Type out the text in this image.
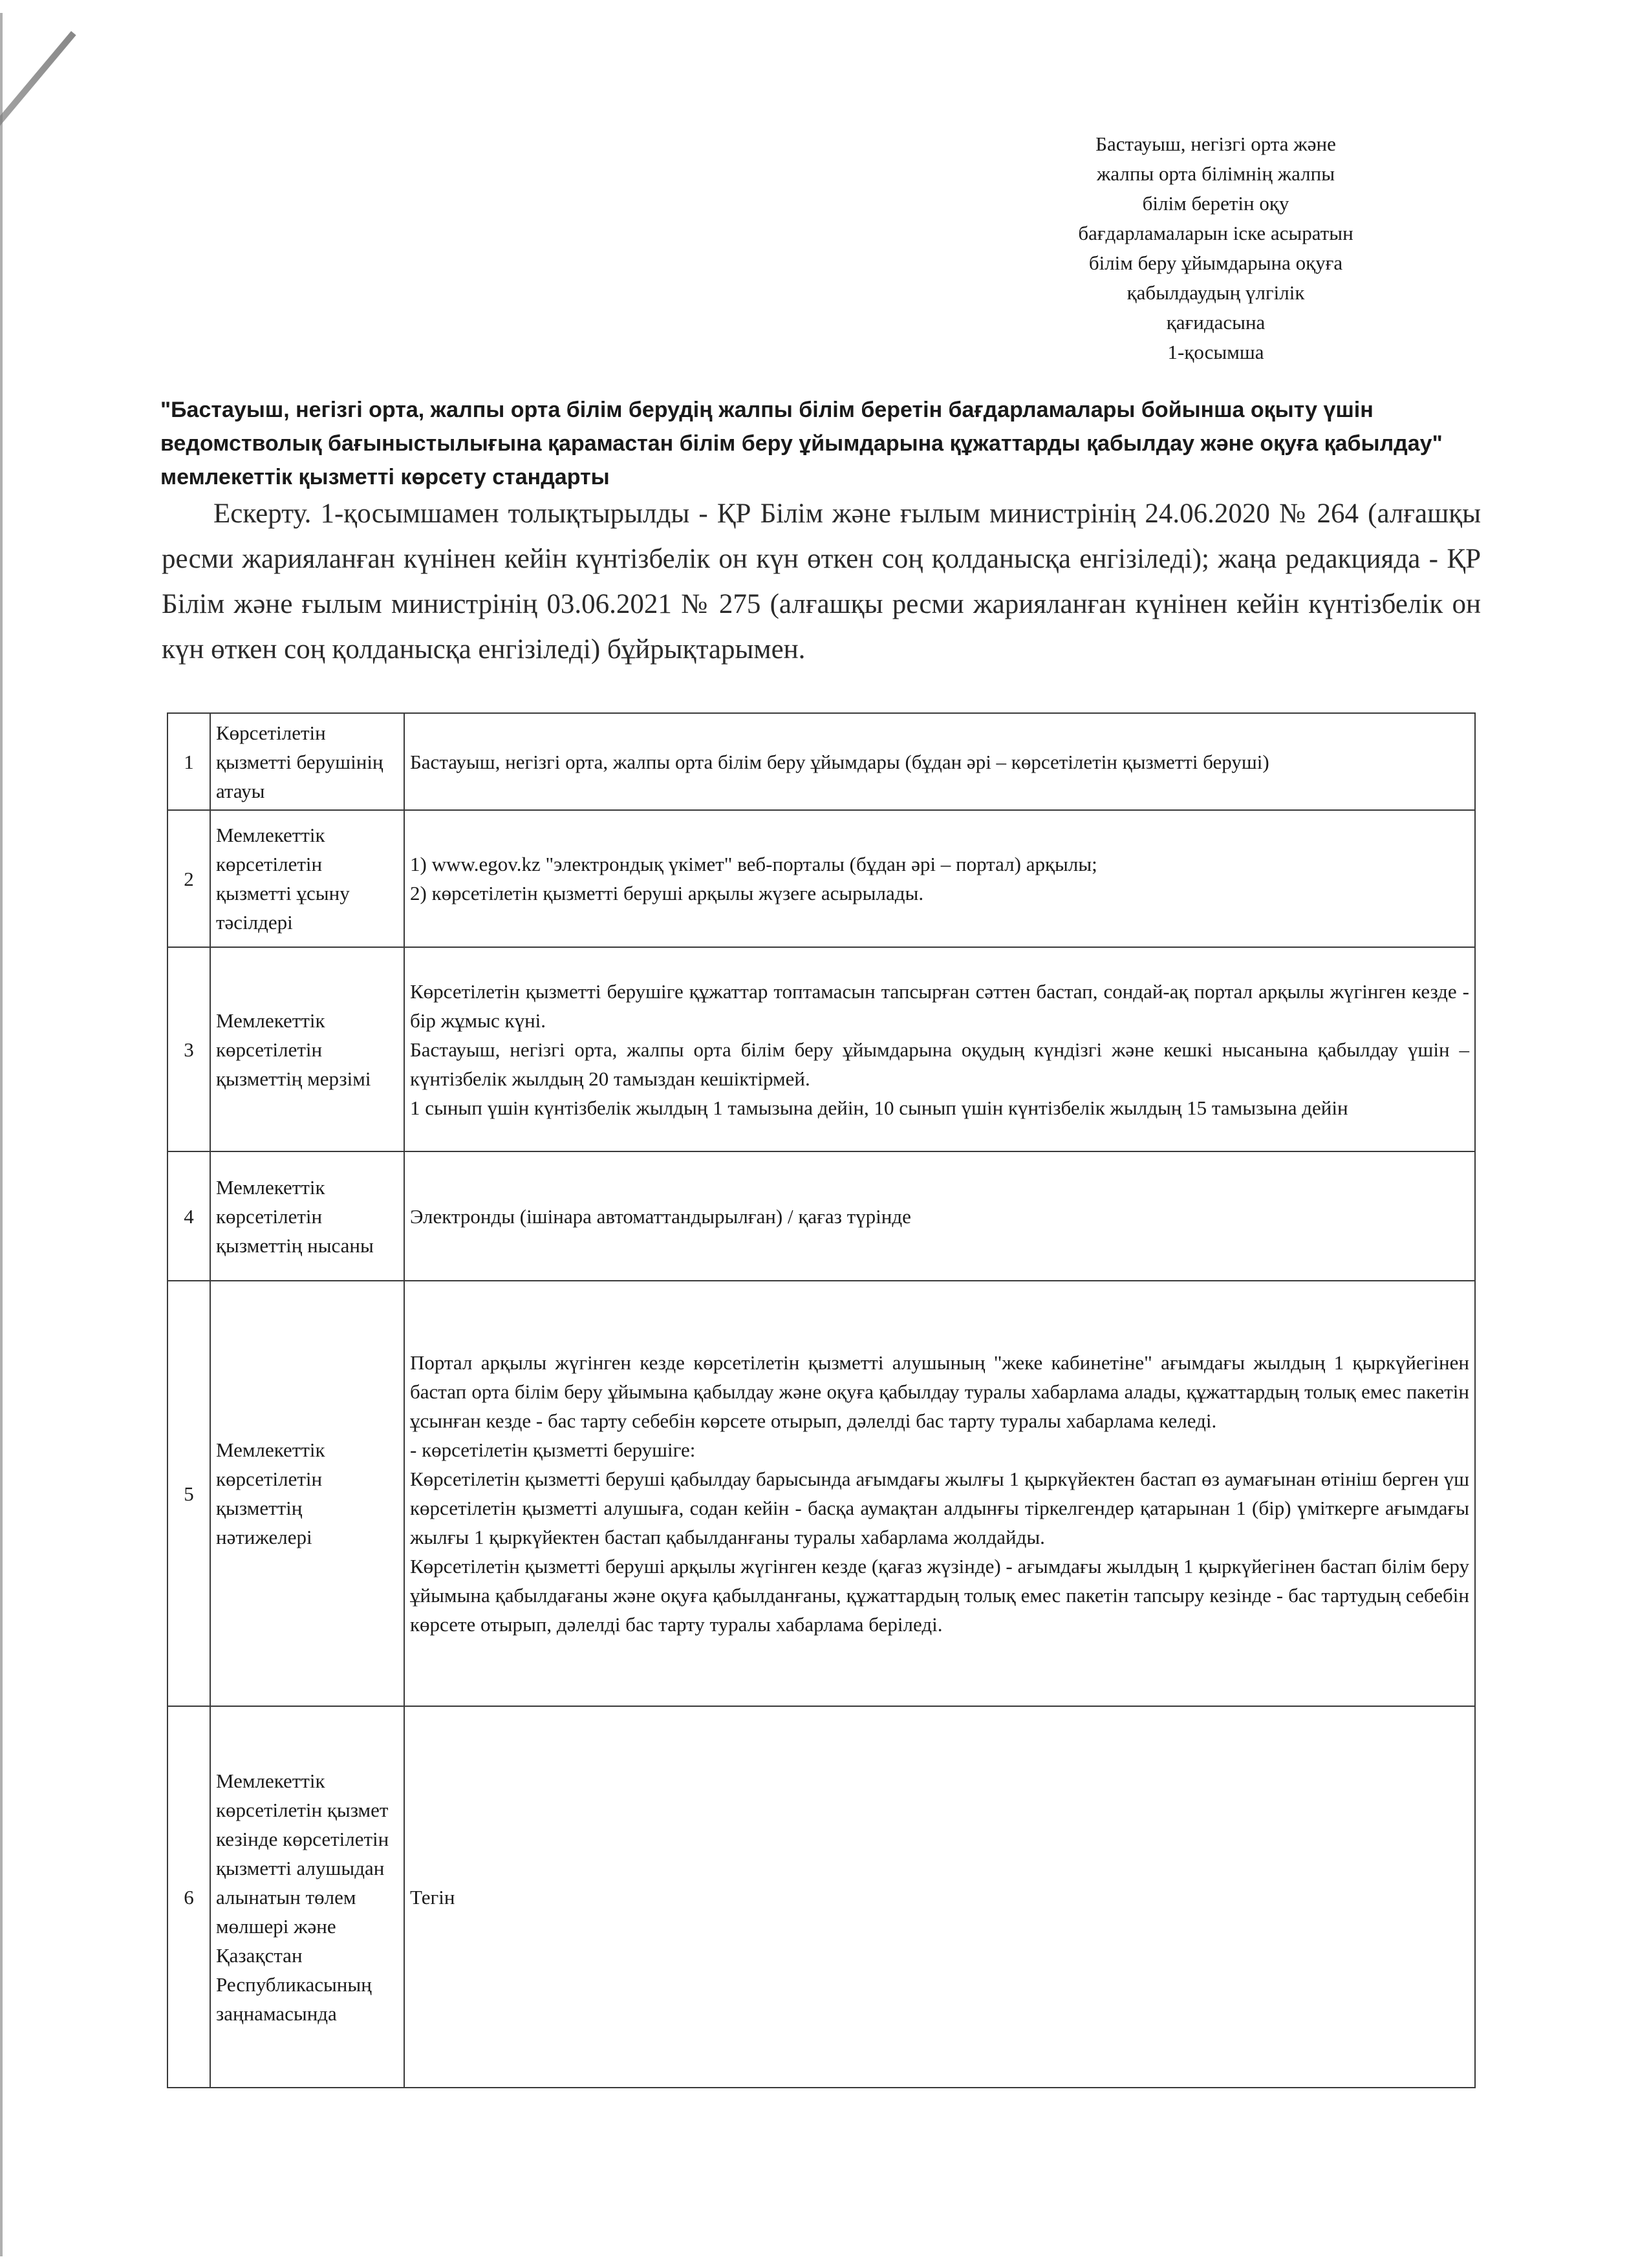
Бастауыш, негізгі орта және
жалпы орта білімнің жалпы
білім беретін оқу
бағдарламаларын іске асыратын
білім беру ұйымдарына оқуға
қабылдаудың үлгілік
қағидасына
1-қосымша
"Бастауыш, негізгі орта, жалпы орта білім берудің жалпы білім беретін бағдарламалары бойынша оқыту үшін ведомстволық бағыныстылығына қарамастан білім беру ұйымдарына құжаттарды қабылдау және оқуға қабылдау" мемлекеттік қызметті көрсету стандарты

Ескерту. 1-қосымшамен толықтырылды - ҚР Білім және ғылым министрінің 24.06.2020 № 264 (алғашқы ресми жарияланған күнінен кейін күнтізбелік он күн өткен соң қолданысқа енгізіледі); жаңа редакцияда - ҚР Білім және ғылым министрінің 03.06.2021 № 275 (алғашқы ресми жарияланған күнінен кейін күнтізбелік он күн өткен соң қолданысқа енгізіледі) бұйрықтарымен.

1	Көрсетілетін қызметті берушінің атауы	Бастауыш, негізгі орта, жалпы орта білім беру ұйымдары (бұдан әрі – көрсетілетін қызметті беруші)

2	Мемлекеттік көрсетілетін қызметті ұсыну тәсілдері	1) www.egov.kz "электрондық үкімет" веб-порталы (бұдан әрі – портал) арқылы;
2) көрсетілетін қызметті беруші арқылы жүзеге асырылады.

3	Мемлекеттік көрсетілетін қызметтің мерзімі	Көрсетілетін қызметті берушіге құжаттар топтамасын тапсырған сәттен бастап, сондай-ақ портал арқылы жүгінген кезде - бір жұмыс күні.
Бастауыш, негізгі орта, жалпы орта білім беру ұйымдарына оқудың күндізгі және кешкі нысанына қабылдау үшін – күнтізбелік жылдың 20 тамыздан кешіктірмей.
1 сынып үшін күнтізбелік жылдың 1 тамызына дейін, 10 сынып үшін күнтізбелік жылдың 15 тамызына дейін

4	Мемлекеттік көрсетілетін қызметтің нысаны	Электронды (ішінара автоматтандырылған) / қағаз түрінде

5	Мемлекеттік көрсетілетін қызметтің нәтижелері	Портал арқылы жүгінген кезде көрсетілетін қызметті алушының "жеке кабинетіне" ағымдағы жылдың 1 қыркүйегінен бастап орта білім беру ұйымына қабылдау және оқуға қабылдау туралы хабарлама алады, құжаттардың толық емес пакетін ұсынған кезде - бас тарту себебін көрсете отырып, дәлелді бас тарту туралы хабарлама келеді.
- көрсетілетін қызметті берушіге:
Көрсетілетін қызметті беруші қабылдау барысында ағымдағы жылғы 1 қыркүйектен бастап өз аумағынан өтініш берген үш көрсетілетін қызметті алушыға, содан кейін - басқа аумақтан алдынғы тіркелгендер қатарынан 1 (бір) үміткерге ағымдағы жылғы 1 қыркүйектен бастап қабылданғаны туралы хабарлама жолдайды.
Көрсетілетін қызметті беруші арқылы жүгінген кезде (қағаз жүзінде) - ағымдағы жылдың 1 қыркүйегінен бастап білім беру ұйымына қабылдағаны және оқуға қабылданғаны, құжаттардың толық емес пакетін тапсыру кезінде - бас тартудың себебін көрсете отырып, дәлелді бас тарту туралы хабарлама беріледі.

6	Мемлекеттік көрсетілетін қызмет кезінде көрсетілетін қызметті алушыдан алынатын төлем мөлшері және Қазақстан Республикасының заңнамасында	Тегін
